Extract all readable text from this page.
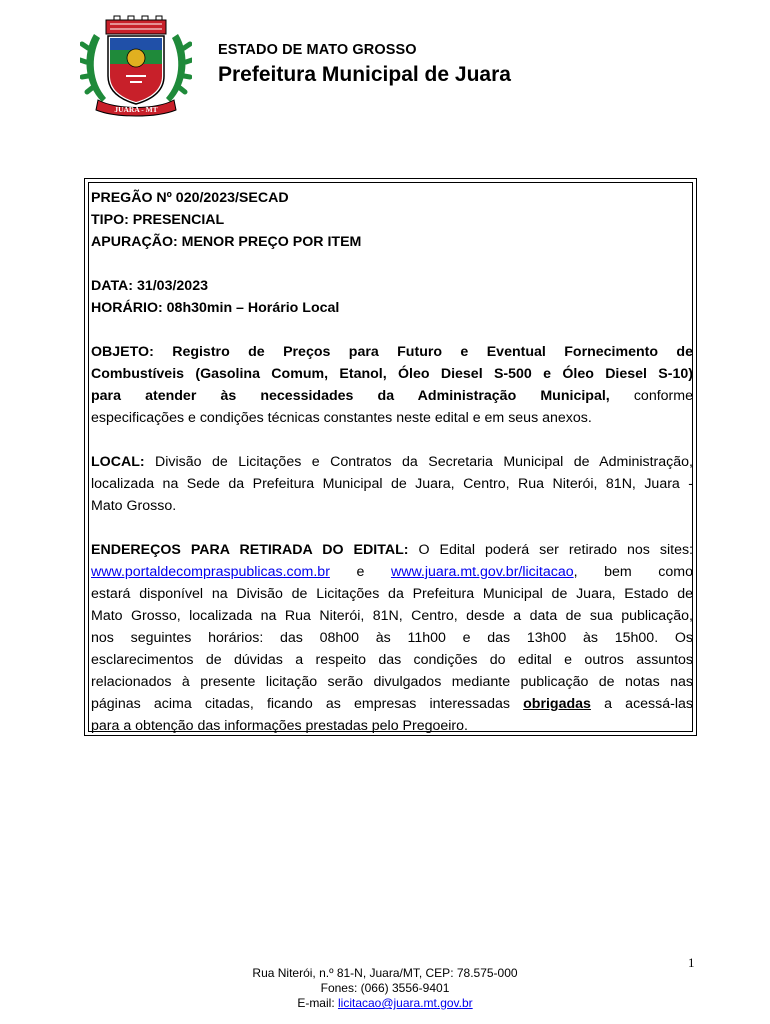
JUARA - MT
ESTADO DE MATO GROSSO
Prefeitura Municipal de Juara

PREGÃO Nº 020/2023/SECAD

TIPO: PRESENCIAL

APURAÇÃO: MENOR PREÇO POR ITEM

DATA: 31/03/2023

HORÁRIO: 08h30min – Horário Local

OBJETO: Registro de Preços para Futuro e Eventual Fornecimento de

Combustíveis (Gasolina Comum, Etanol, Óleo Diesel S-500 e Óleo Diesel S-10)

para atender às necessidades da Administração Municipal, conforme

especificações e condições técnicas constantes neste edital e em seus anexos.

LOCAL: Divisão de Licitações e Contratos da Secretaria Municipal de Administração,

localizada na Sede da Prefeitura Municipal de Juara, Centro, Rua Niterói, 81N, Juara -

Mato Grosso.

ENDEREÇOS PARA RETIRADA DO EDITAL: O Edital poderá ser retirado nos sites:

www.portaldecompraspublicas.com.br e www.juara.mt.gov.br/licitacao, bem como

estará disponível na Divisão de Licitações da Prefeitura Municipal de Juara, Estado de

Mato Grosso, localizada na Rua Niterói, 81N, Centro, desde a data de sua publicação,

nos seguintes horários: das 08h00 às 11h00 e das 13h00 às 15h00. Os

esclarecimentos de dúvidas a respeito das condições do edital e outros assuntos

relacionados à presente licitação serão divulgados mediante publicação de notas nas

páginas acima citadas, ficando as empresas interessadas obrigadas a acessá-las

para a obtenção das informações prestadas pelo Pregoeiro.

1
Rua Niterói, n.º 81-N, Juara/MT, CEP: 78.575-000
Fones: (066) 3556-9401
E-mail: licitacao@juara.mt.gov.br
